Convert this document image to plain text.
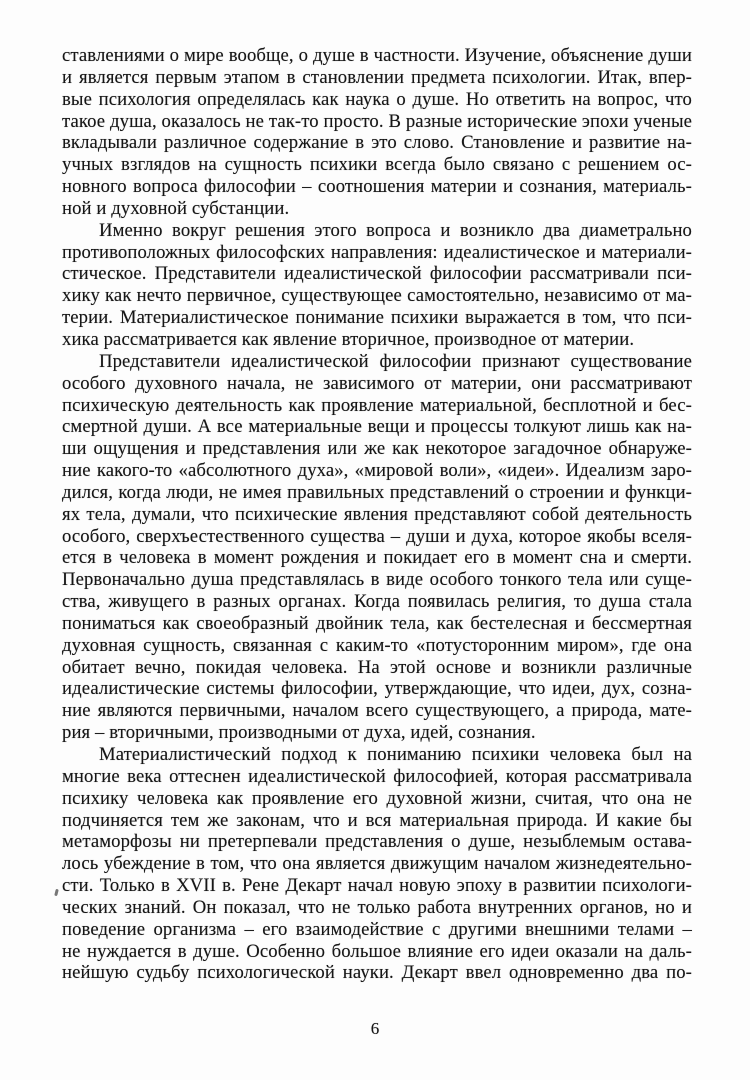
ставлениями о мире вообще, о душе в частности. Изучение, объяснение души
и является первым этапом в становлении предмета психологии. Итак, впер-
вые психология определялась как наука о душе. Но ответить на вопрос, что
такое душа, оказалось не так-то просто. В разные исторические эпохи ученые
вкладывали различное содержание в это слово. Становление и развитие на-
учных взглядов на сущность психики всегда было связано с решением ос-
новного вопроса философии – соотношения материи и сознания, материаль-
ной и духовной субстанции.
Именно вокруг решения этого вопроса и возникло два диаметрально
противоположных философских направления: идеалистическое и материали-
стическое. Представители идеалистической философии рассматривали пси-
хику как нечто первичное, существующее самостоятельно, независимо от ма-
терии. Материалистическое понимание психики выражается в том, что пси-
хика рассматривается как явление вторичное, производное от материи.
Представители идеалистической философии признают существование
особого духовного начала, не зависимого от материи, они рассматривают
психическую деятельность как проявление материальной, бесплотной и бес-
смертной души. А все материальные вещи и процессы толкуют лишь как на-
ши ощущения и представления или же как некоторое загадочное обнаруже-
ние какого-то «абсолютного духа», «мировой воли», «идеи». Идеализм заро-
дился, когда люди, не имея правильных представлений о строении и функци-
ях тела, думали, что психические явления представляют собой деятельность
особого, сверхъестественного существа – души и духа, которое якобы вселя-
ется в человека в момент рождения и покидает его в момент сна и смерти.
Первоначально душа представлялась в виде особого тонкого тела или суще-
ства, живущего в разных органах. Когда появилась религия, то душа стала
пониматься как своеобразный двойник тела, как бестелесная и бессмертная
духовная сущность, связанная с каким-то «потусторонним миром», где она
обитает вечно, покидая человека. На этой основе и возникли различные
идеалистические системы философии, утверждающие, что идеи, дух, созна-
ние являются первичными, началом всего существующего, а природа, мате-
рия – вторичными, производными от духа, идей, сознания.
Материалистический подход к пониманию психики человека был на
многие века оттеснен идеалистической философией, которая рассматривала
психику человека как проявление его духовной жизни, считая, что она не
подчиняется тем же законам, что и вся материальная природа. И какие бы
метаморфозы ни претерпевали представления о душе, незыблемым остава-
лось убеждение в том, что она является движущим началом жизнедеятельно-
сти. Только в XVII в. Рене Декарт начал новую эпоху в развитии психологи-
ческих знаний. Он показал, что не только работа внутренних органов, но и
поведение организма – его взаимодействие с другими внешними телами –
не нуждается в душе. Особенно большое влияние его идеи оказали на даль-
нейшую судьбу психологической науки. Декарт ввел одновременно два по-
6
